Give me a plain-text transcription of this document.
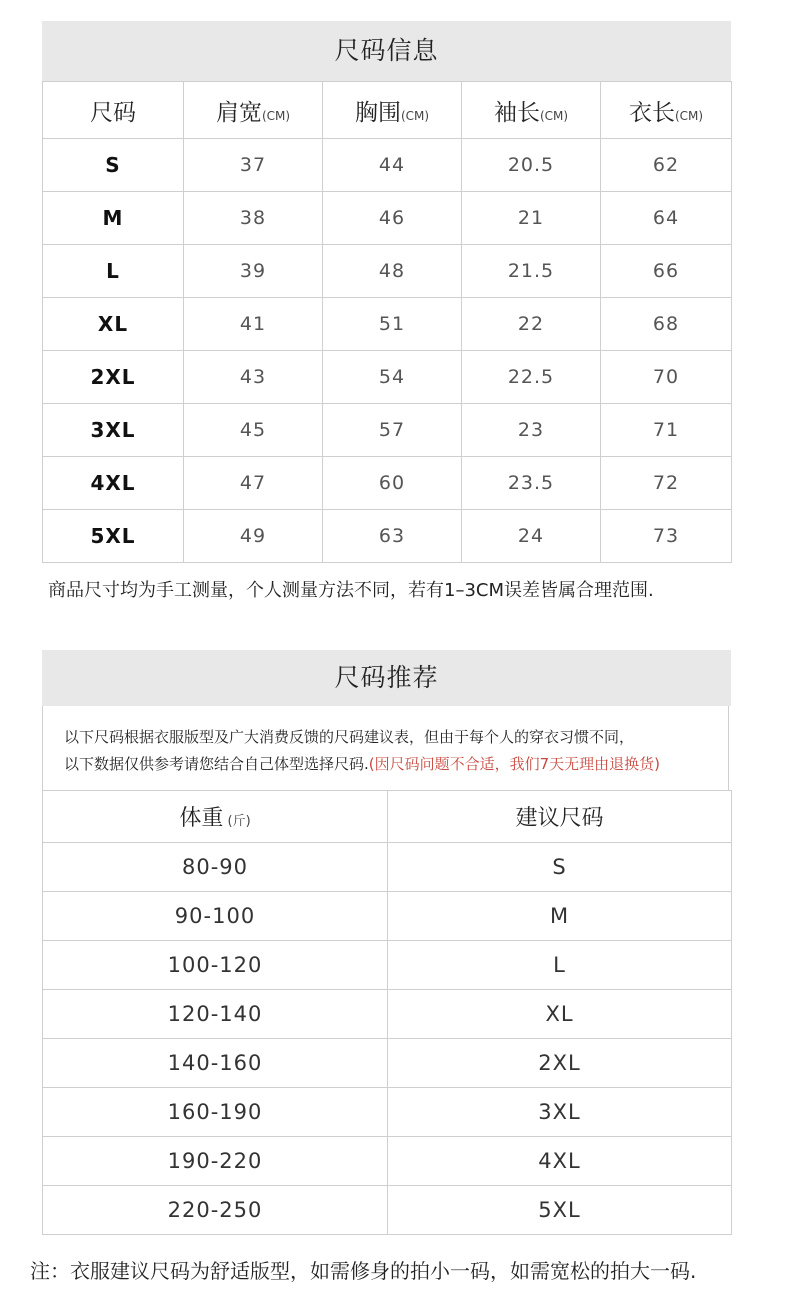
尺码信息
尺码	肩宽(CM)	胸围(CM)	袖长(CM)	衣长(CM)
S	37	44	20.5	62
M	38	46	21	64
L	39	48	21.5	66
XL	41	51	22	68
2XL	43	54	22.5	70
3XL	45	57	23	71
4XL	47	60	23.5	72
5XL	49	63	24	73
商品尺寸均为手工测量，个人测量方法不同，若有1–3CM误差皆属合理范围.
尺码推荐
以下尺码根据衣服版型及广大消费反馈的尺码建议表，但由于每个人的穿衣习惯不同，
以下数据仅供参考请您结合自己体型选择尺码.(因尺码问题不合适，我们7天无理由退换货)
体重 (斤)	建议尺码
80-90	S
90-100	M
100-120	L
120-140	XL
140-160	2XL
160-190	3XL
190-220	4XL
220-250	5XL
注：衣服建议尺码为舒适版型，如需修身的拍小一码，如需宽松的拍大一码.
